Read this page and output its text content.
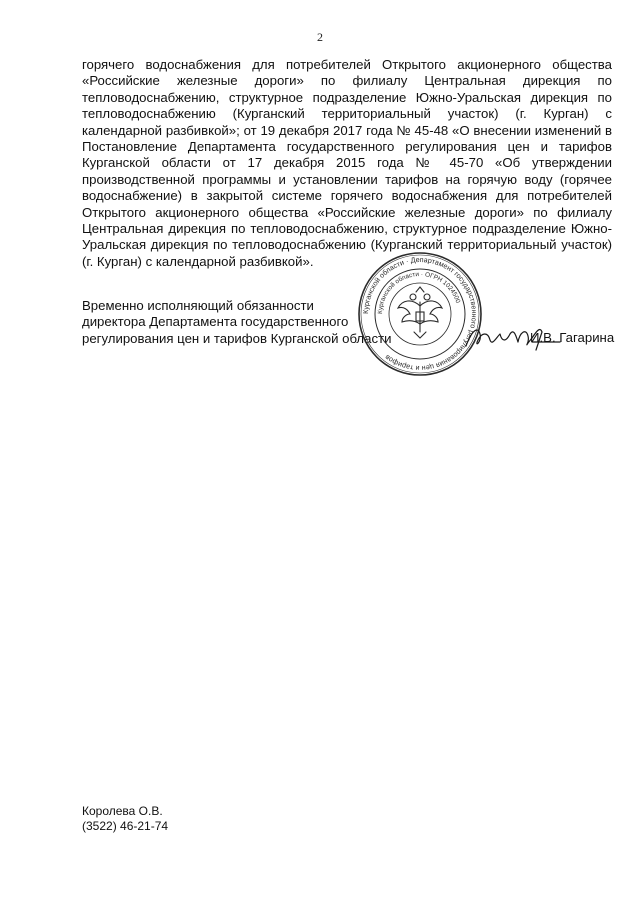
2

горячего водоснабжения для потребителей Открытого акционерного общества «Российские железные дороги» по филиалу Центральная дирекция по тепловодоснабжению, структурное подразделение Южно-Уральская дирекция по тепловодоснабжению (Курганский территориальный участок) (г. Курган) с календарной разбивкой»; от 19 декабря 2017 года № 45-48 «О внесении изменений в Постановление Департамента государственного регулирования цен и тарифов Курганской области от 17 декабря 2015 года № 45-70 «Об утверждении производственной программы и установлении тарифов на горячую воду (горячее водоснабжение) в закрытой системе горячего водоснабжения для потребителей Открытого акционерного общества «Российские железные дороги» по филиалу Центральная дирекция по тепловодоснабжению, структурное подразделение Южно-Уральская дирекция по тепловодоснабжению (Курганский территориальный участок) (г. Курган) с календарной разбивкой».

Временно исполняющий обязанности
директора Департамента государственного
регулирования цен и тарифов Курганской области
Курганской области · Департамент государственного регулирования цен и тарифов
Курганской области · ОГРН 1024500
И.В. Гагарина
Королева О.В.
(3522) 46-21-74
